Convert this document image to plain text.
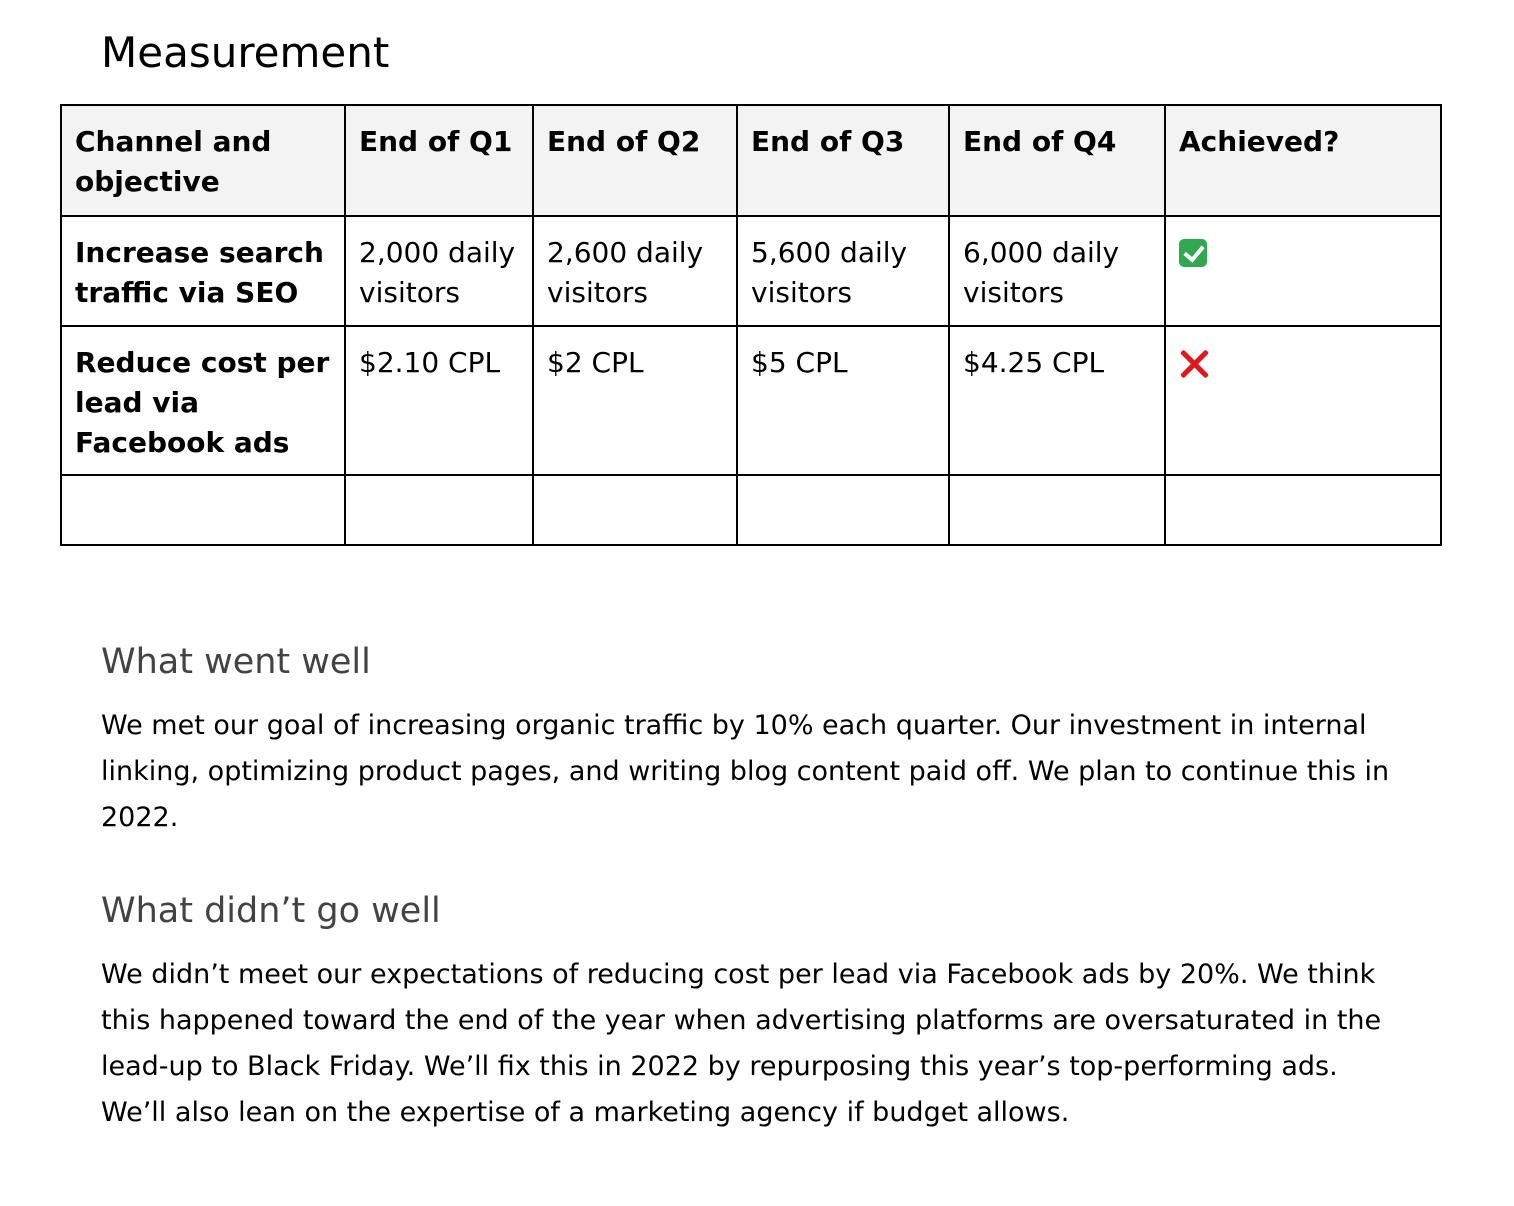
Measurement
Channel and objective	End of Q1	End of Q2	End of Q3	End of Q4	Achieved?
Increase search traffic via SEO	2,000 daily visitors	2,600 daily visitors	5,600 daily visitors	6,000 daily visitors	
Reduce cost per lead via Facebook ads	$2.10 CPL	$2 CPL	$5 CPL	$4.25 CPL	

What went well

We met our goal of increasing organic traffic by 10% each quarter. Our investment in internal linking, optimizing product pages, and writing blog content paid off. We plan to continue this in 2022.

What didn’t go well

We didn’t meet our expectations of reducing cost per lead via Facebook ads by 20%. We think this happened toward the end of the year when advertising platforms are oversaturated in the lead-up to Black Friday. We’ll fix this in 2022 by repurposing this year’s top-performing ads. We’ll also lean on the expertise of a marketing agency if budget allows.
